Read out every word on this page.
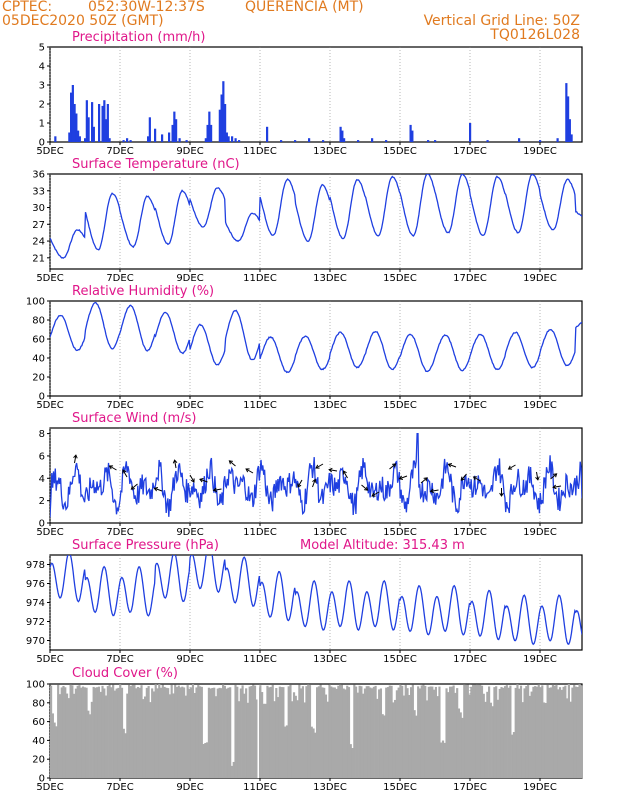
CPTEC:	052:30W-12:37S	QUERENCIA (MT)
05DEC2020 50Z (GMT)	Vertical Grid Line: 50Z
TQ0126L028
0
1
2
3
4
5
5DEC	7DEC	9DEC	11DEC	13DEC	15DEC	17DEC	19DEC
Precipitation (mm/h)
21
24
27
30
33
36
5DEC	7DEC	9DEC	11DEC	13DEC	15DEC	17DEC	19DEC
Surface Temperature (nC)
0
20
40
60
80
100
5DEC	7DEC	9DEC	11DEC	13DEC	15DEC	17DEC	19DEC
Relative Humidity (%)
0
2
4
6
8
5DEC	7DEC	9DEC	11DEC	13DEC	15DEC	17DEC	19DEC
Surface Wind (m/s)
970
972
974
976
978
5DEC	7DEC	9DEC	11DEC	13DEC	15DEC	17DEC	19DEC
Surface Pressure (hPa)	Model Altitude: 315.43 m
0
20
40
60
80
100
5DEC	7DEC	9DEC	11DEC	13DEC	15DEC	17DEC	19DEC
Cloud Cover (%)
